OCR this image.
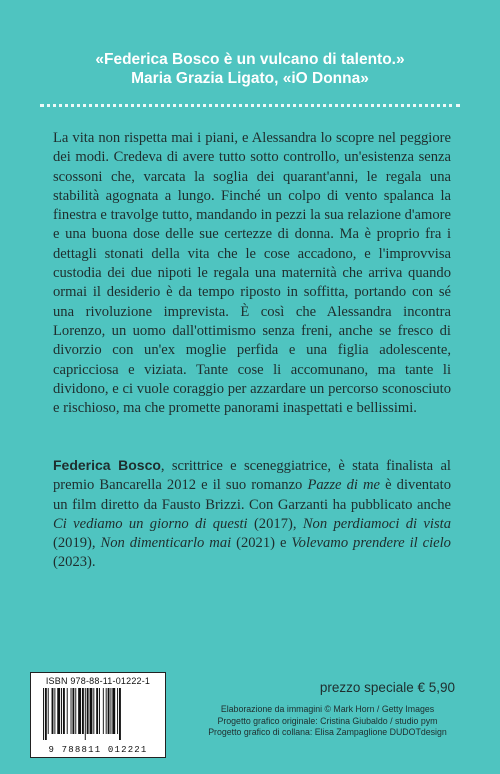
«Federica Bosco è un vulcano di talento.»
Maria Grazia Ligato, «iO Donna»

La vita non rispetta mai i piani, e Alessandra lo scopre nel peggiore dei modi. Credeva di avere tutto sotto controllo, un'esistenza senza scossoni che, varcata la soglia dei quarant'anni, le regala una stabilità agognata a lungo. Finché un colpo di vento spalanca la finestra e travolge tutto, mandando in pezzi la sua relazione d'amore e una buona dose delle sue certezze di donna. Ma è proprio fra i dettagli stonati della vita che le cose accadono, e l'improvvisa custodia dei due nipoti le regala una maternità che arriva quando ormai il desiderio è da tempo riposto in soffitta, portando con sé una rivoluzione imprevista. È così che Alessandra incontra Lorenzo, un uomo dall'ottimismo senza freni, anche se fresco di divorzio con un'ex moglie perfida e una figlia adolescente, capricciosa e viziata. Tante cose li accomunano, ma tante li dividono, e ci vuole coraggio per azzardare un percorso sconosciuto e rischioso, ma che promette panorami inaspettati e bellissimi.

Federica Bosco, scrittrice e sceneggiatrice, è stata finalista al premio Bancarella 2012 e il suo romanzo Pazze di me è diventato un film diretto da Fausto Brizzi. Con Garzanti ha pubblicato anche Ci vediamo un giorno di questi (2017), Non perdiamoci di vista (2019), Non dimenticarlo mai (2021) e Volevamo prendere il cielo (2023).
ISBN 978-88-11-01222-1
9 788811 012221
prezzo speciale € 5,90
Elaborazione da immagini © Mark Horn / Getty Images
Progetto grafico originale: Cristina Giubaldo / studio pym
Progetto grafico di collana: Elisa Zampaglione DUDOTdesign
